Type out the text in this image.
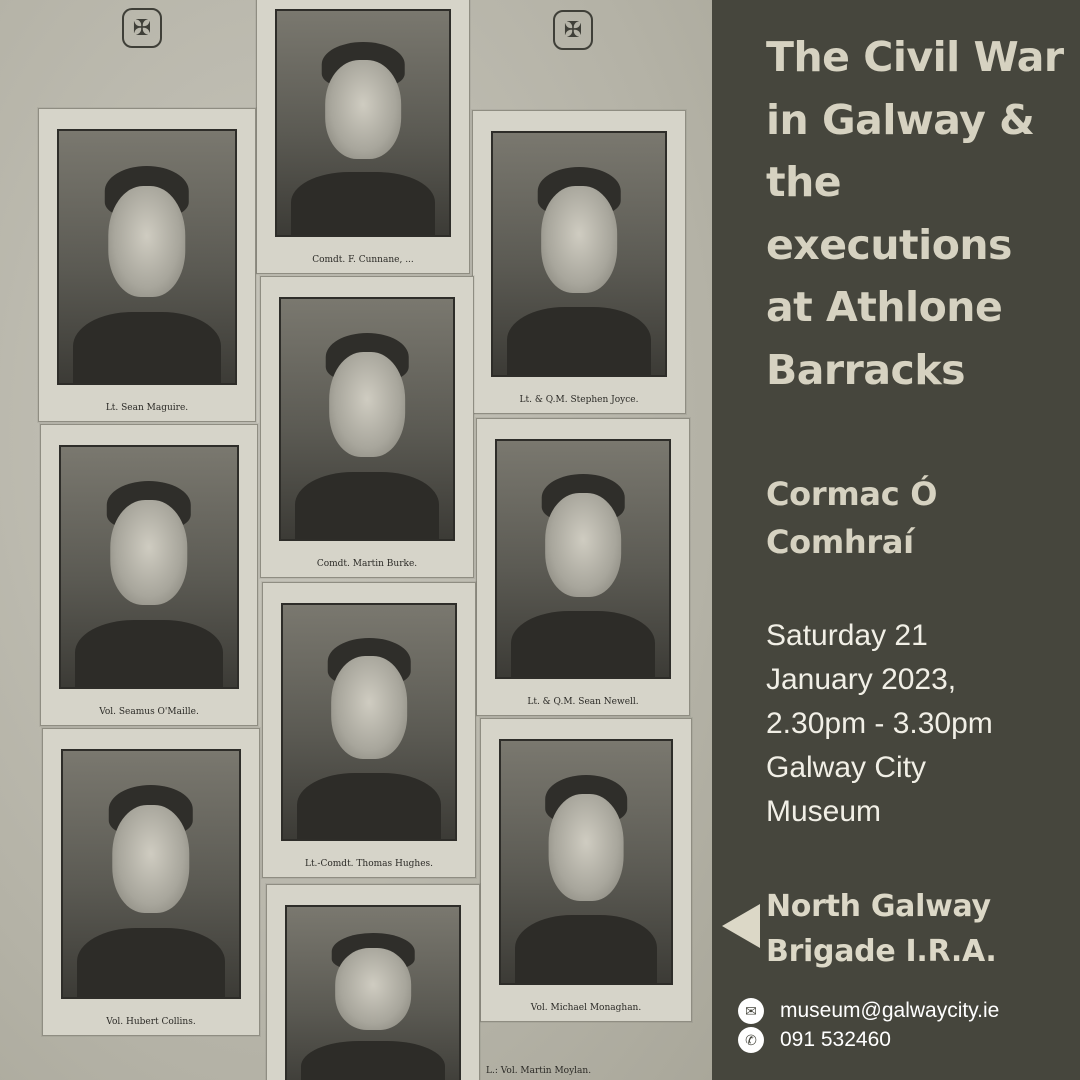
✠	✠
Comdt. F. Cunnane, ...
Lt. Sean Maguire.
Lt. & Q.M. Stephen Joyce.
Comdt. Martin Burke.
Vol. Seamus O'Maille.
Lt. & Q.M. Sean Newell.
Lt.-Comdt. Thomas Hughes.
Vol. Hubert Collins.
Vol. Michael Monaghan.
L.: Vol. Martin Moylan.
The Civil War in Galway & the executions at Athlone Barracks
Cormac Ó Comhraí
Saturday 21
January 2023,
2.30pm - 3.30pm
Galway City
Museum
North Galway Brigade I.R.A.
✉	museum@galwaycity.ie
✆	091 532460
